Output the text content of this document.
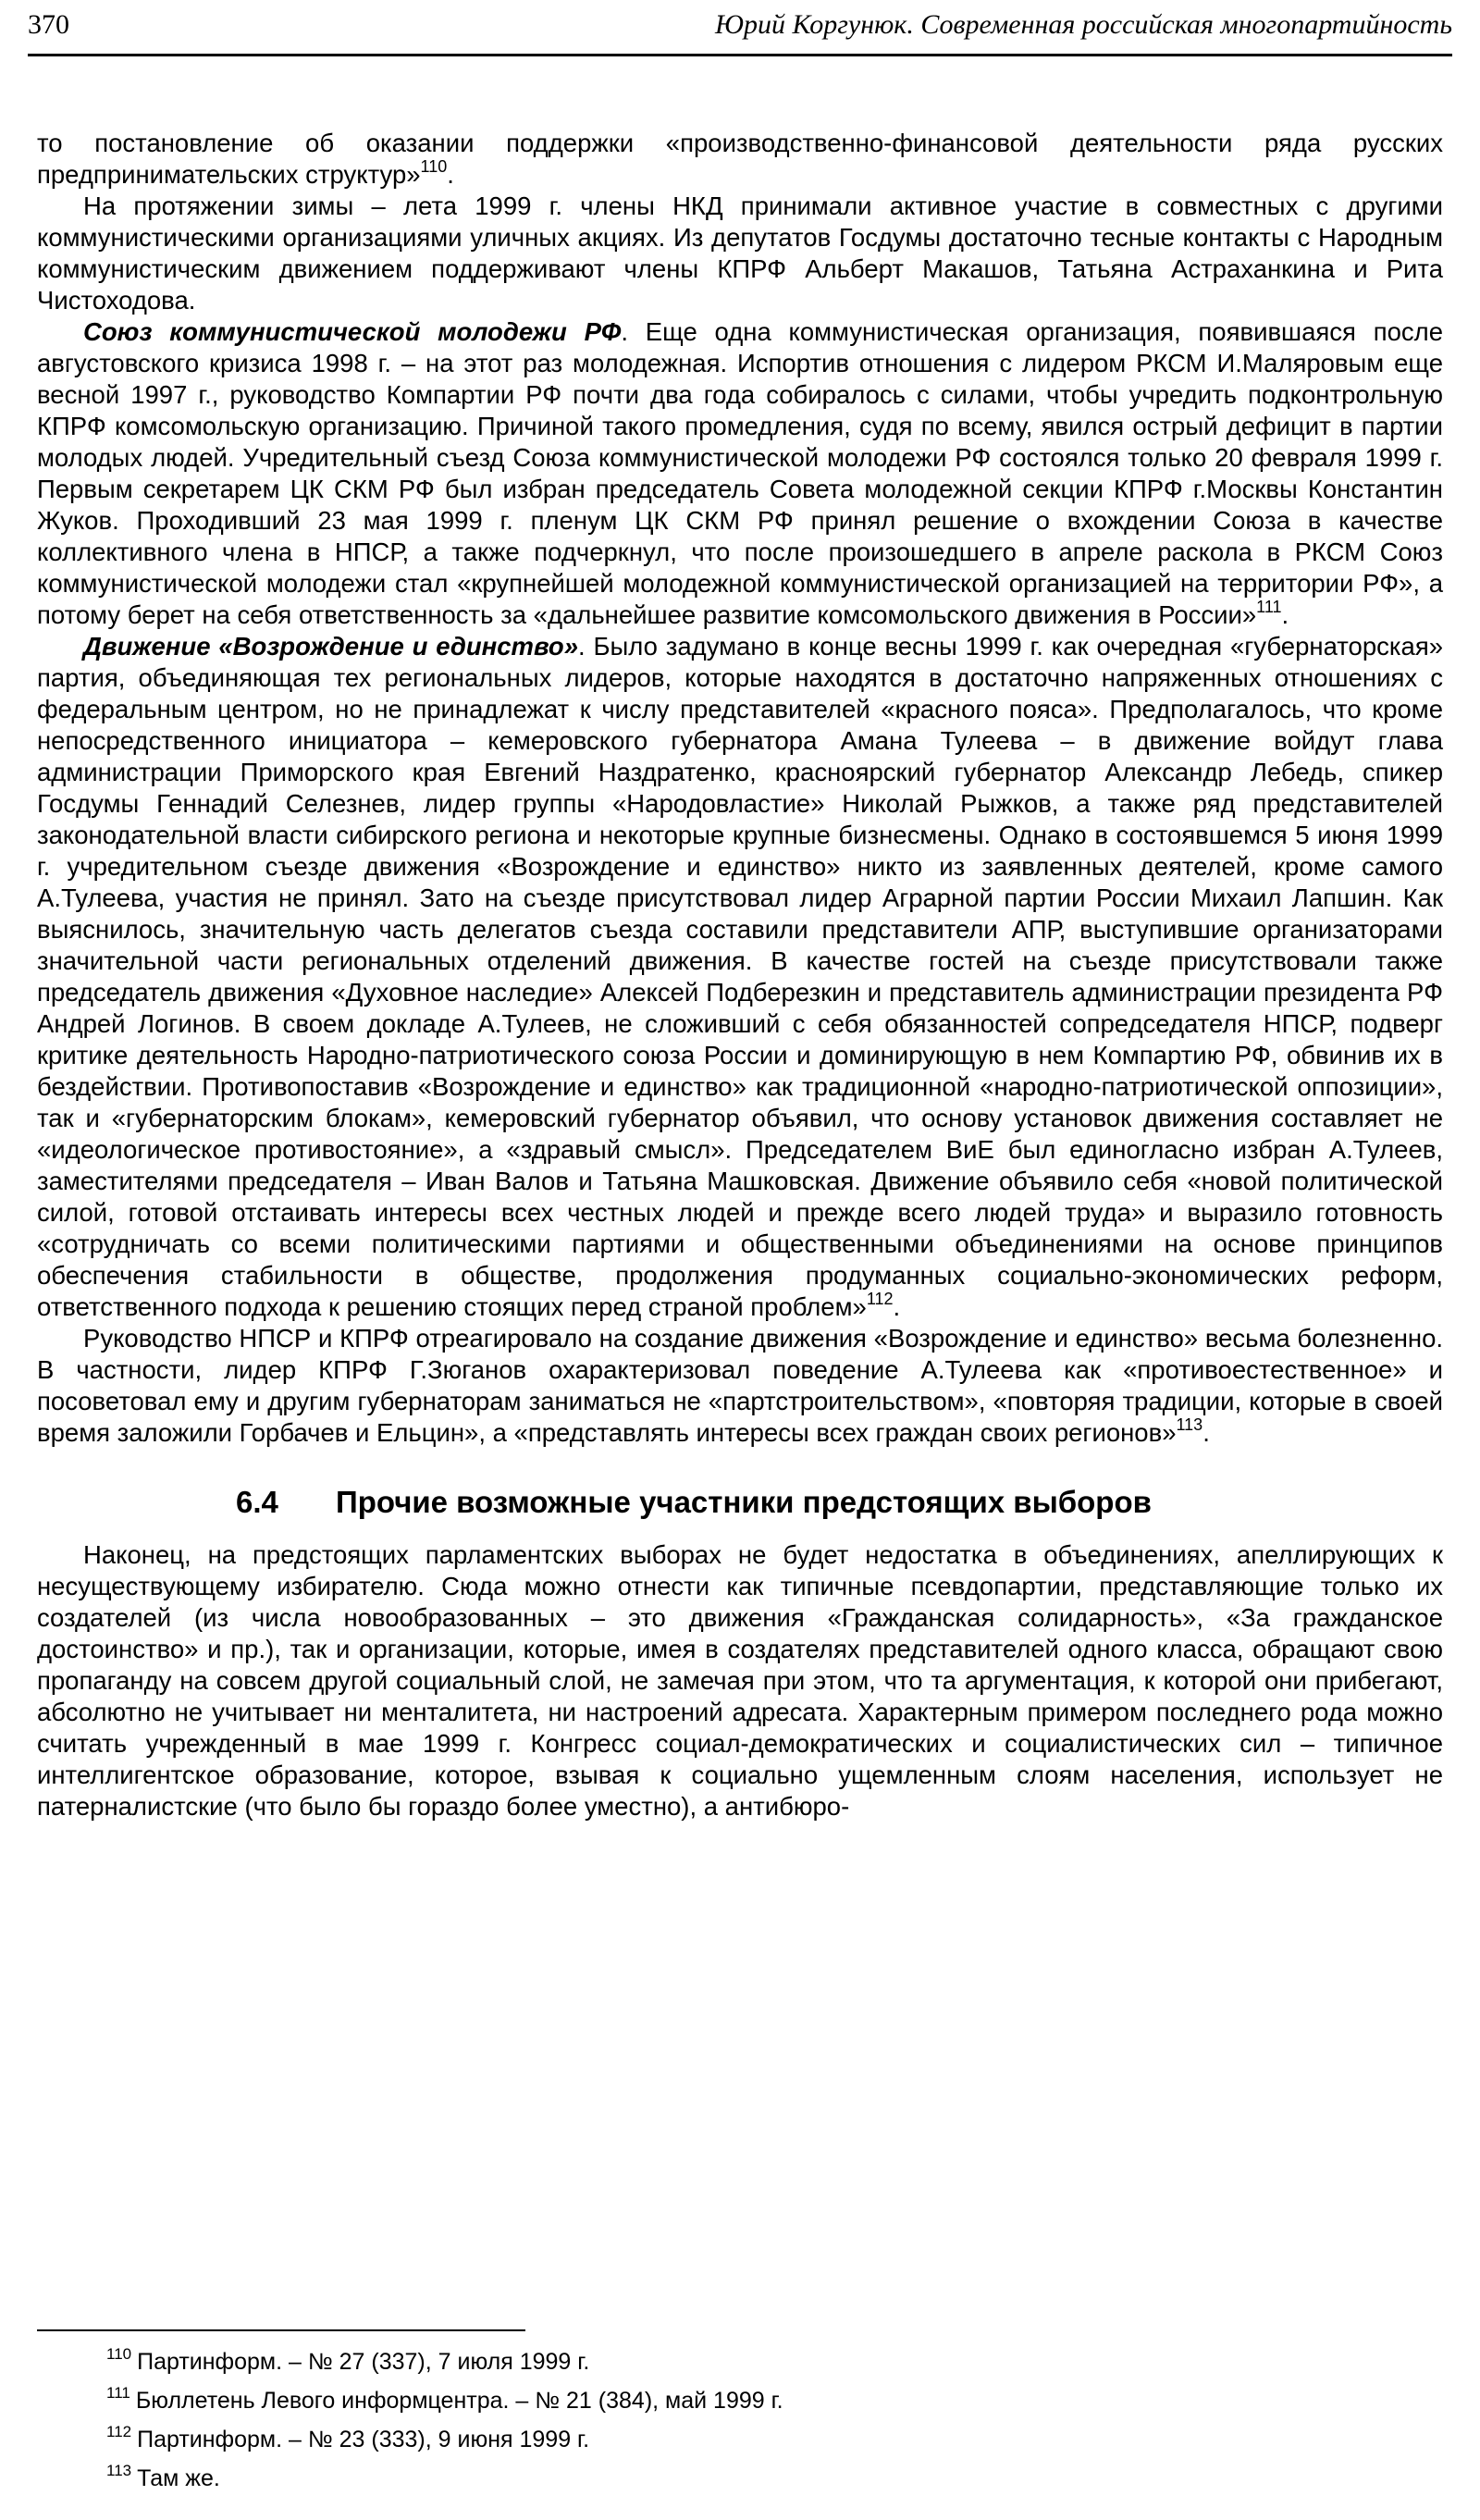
370	Юрий Коргунюк. Современная российская многопартийность

то постановление об оказании поддержки «производственно-финансовой деятельности ряда русских предпринимательских структур»$^{110}$.

На протяжении зимы – лета 1999 г. члены НКД принимали активное участие в совместных с другими коммунистическими организациями уличных акциях. Из депутатов Госдумы достаточно тесные контакты с Народным коммунистическим движением поддерживают члены КПРФ Альберт Макашов, Татьяна Астраханкина и Рита Чистоходова.

Союз коммунистической молодежи РФ. Еще одна коммунистическая организация, появившаяся после августовского кризиса 1998 г. – на этот раз молодежная. Испортив отношения с лидером РКСМ И.Маляровым еще весной 1997 г., руководство Компартии РФ почти два года собиралось с силами, чтобы учредить подконтрольную КПРФ комсомольскую организацию. Причиной такого промедления, судя по всему, явился острый дефицит в партии молодых людей. Учредительный съезд Союза коммунистической молодежи РФ состоялся только 20 февраля 1999 г. Первым секретарем ЦК СКМ РФ был избран председатель Совета молодежной секции КПРФ г.Москвы Константин Жуков. Проходивший 23 мая 1999 г. пленум ЦК СКМ РФ принял решение о вхождении Союза в качестве коллективного члена в НПСР, а также подчеркнул, что после произошедшего в апреле раскола в РКСМ Союз коммунистической молодежи стал «крупнейшей молодежной коммунистической организацией на территории РФ», а потому берет на себя ответственность за «дальнейшее развитие комсомольского движения в России»$^{111}$.

Движение «Возрождение и единство». Было задумано в конце весны 1999 г. как очередная «губернаторская» партия, объединяющая тех региональных лидеров, которые находятся в достаточно напряженных отношениях с федеральным центром, но не принадлежат к числу представителей «красного пояса». Предполагалось, что кроме непосредственного инициатора – кемеровского губернатора Амана Тулеева – в движение войдут глава администрации Приморского края Евгений Наздратенко, красноярский губернатор Александр Лебедь, спикер Госдумы Геннадий Селезнев, лидер группы «Народовластие» Николай Рыжков, а также ряд представителей законодательной власти сибирского региона и некоторые крупные бизнесмены. Однако в состоявшемся 5 июня 1999 г. учредительном съезде движения «Возрождение и единство» никто из заявленных деятелей, кроме самого А.Тулеева, участия не принял. Зато на съезде присутствовал лидер Аграрной партии России Михаил Лапшин. Как выяснилось, значительную часть делегатов съезда составили представители АПР, выступившие организаторами значительной части региональных отделений движения. В качестве гостей на съезде присутствовали также председатель движения «Духовное наследие» Алексей Подберезкин и представитель администрации президента РФ Андрей Логинов. В своем докладе А.Тулеев, не сложивший с себя обязанностей сопредседателя НПСР, подверг критике деятельность Народно-патриотического союза России и доминирующую в нем Компартию РФ, обвинив их в бездействии. Противопоставив «Возрождение и единство» как традиционной «народно-патриотической оппозиции», так и «губернаторским блокам», кемеровский губернатор объявил, что основу установок движения составляет не «идеологическое противостояние», а «здравый смысл». Председателем ВиЕ был единогласно избран А.Тулеев, заместителями председателя – Иван Валов и Татьяна Машковская. Движение объявило себя «новой политической силой, готовой отстаивать интересы всех честных людей и прежде всего людей труда» и выразило готовность «сотрудничать со всеми политическими партиями и общественными объединениями на основе принципов обеспечения стабильности в обществе, продолжения продуманных социально-экономических реформ, ответственного подхода к решению стоящих перед страной проблем»$^{112}$.

Руководство НПСР и КПРФ отреагировало на создание движения «Возрождение и единство» весьма болезненно. В частности, лидер КПРФ Г.Зюганов охарактеризовал поведение А.Тулеева как «противоестественное» и посоветовал ему и другим губернаторам заниматься не «партстроительством», «повторяя традиции, которые в своей время заложили Горбачев и Ельцин», а «представлять интересы всех граждан своих регионов»$^{113}$.

6.4 Прочие возможные участники предстоящих выборов

Наконец, на предстоящих парламентских выборах не будет недостатка в объединениях, апеллирующих к несуществующему избирателю. Сюда можно отнести как типичные псевдопартии, представляющие только их создателей (из числа новообразованных – это движения «Гражданская солидарность», «За гражданское достоинство» и пр.), так и организации, которые, имея в создателях представителей одного класса, обращают свою пропаганду на совсем другой социальный слой, не замечая при этом, что та аргументация, к которой они прибегают, абсолютно не учитывает ни менталитета, ни настроений адресата. Характерным примером последнего рода можно считать учрежденный в мае 1999 г. Конгресс социал-демократических и социалистических сил – типичное интеллигентское образование, которое, взывая к социально ущемленным слоям населения, использует не патерналистские (что было бы гораздо более уместно), а антибюро-

$^{110}$ Партинформ. – № 27 (337), 7 июля 1999 г.

$^{111}$ Бюллетень Левого информцентра. – № 21 (384), май 1999 г.

$^{112}$ Партинформ. – № 23 (333), 9 июня 1999 г.

$^{113}$ Там же.
